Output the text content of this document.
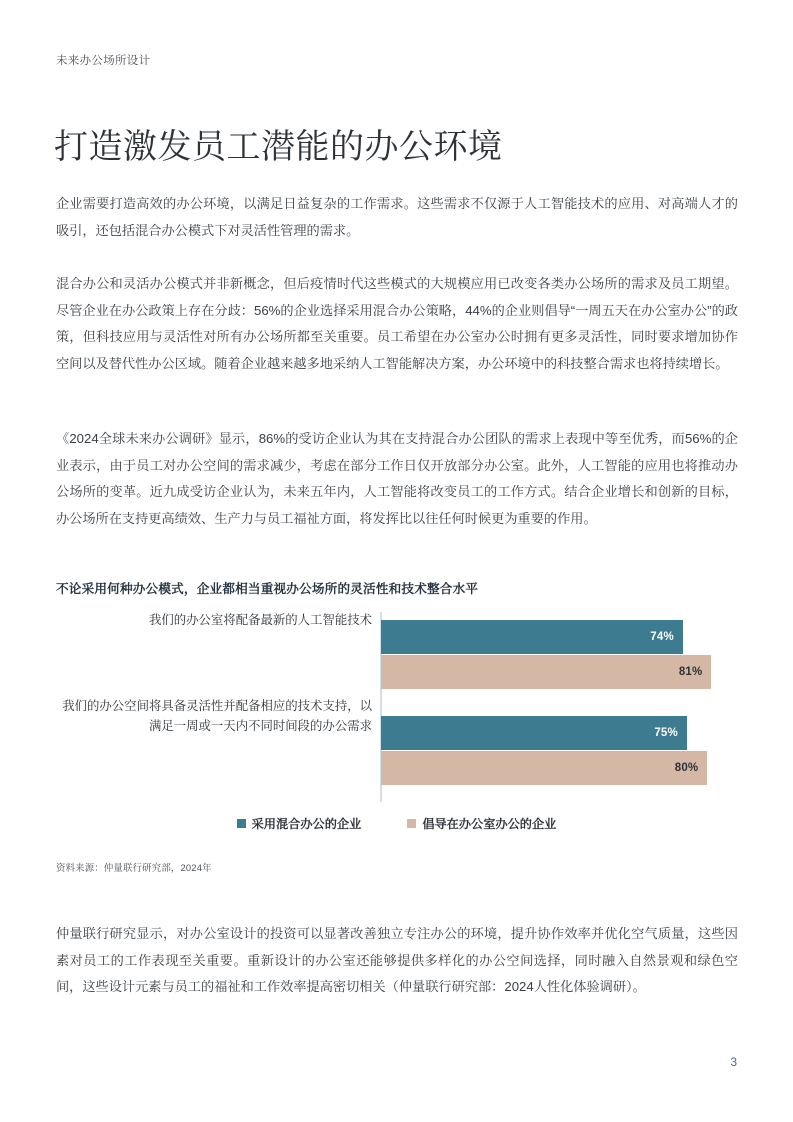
未来办公场所设计
打造激发员工潜能的办公环境

企业需要打造高效的办公环境，以满足日益复杂的工作需求。这些需求不仅源于人工智能技术的应用、对高端人才的吸引，还包括混合办公模式下对灵活性管理的需求。

混合办公和灵活办公模式并非新概念，但后疫情时代这些模式的大规模应用已改变各类办公场所的需求及员工期望。尽管企业在办公政策上存在分歧：56%的企业选择采用混合办公策略，44%的企业则倡导“一周五天在办公室办公”的政策，但科技应用与灵活性对所有办公场所都至关重要。员工希望在办公室办公时拥有更多灵活性，同时要求增加协作空间以及替代性办公区域。随着企业越来越多地采纳人工智能解决方案，办公环境中的科技整合需求也将持续增长。

《2024全球未来办公调研》显示，86%的受访企业认为其在支持混合办公团队的需求上表现中等至优秀，而56%的企业表示，由于员工对办公空间的需求减少，考虑在部分工作日仅开放部分办公室。此外，人工智能的应用也将推动办公场所的变革。近九成受访企业认为，未来五年内，人工智能将改变员工的工作方式。结合企业增长和创新的目标，办公场所在支持更高绩效、生产力与员工福祉方面，将发挥比以往任何时候更为重要的作用。

不论采用何种办公模式，企业都相当重视办公场所的灵活性和技术整合水平
我们的办公室将配备最新的人工智能技术
74%
81%
我们的办公空间将具备灵活性并配备相应的技术支持，以满足一周或一天内不同时间段的办公需求	75%
80%
采用混合办公的企业	倡导在办公室办公的企业
资料来源：仲量联行研究部，2024年

仲量联行研究显示，对办公室设计的投资可以显著改善独立专注办公的环境，提升协作效率并优化空气质量，这些因素对员工的工作表现至关重要。重新设计的办公室还能够提供多样化的办公空间选择，同时融入自然景观和绿色空间，这些设计元素与员工的福祉和工作效率提高密切相关（仲量联行研究部：2024人性化体验调研）。

3
